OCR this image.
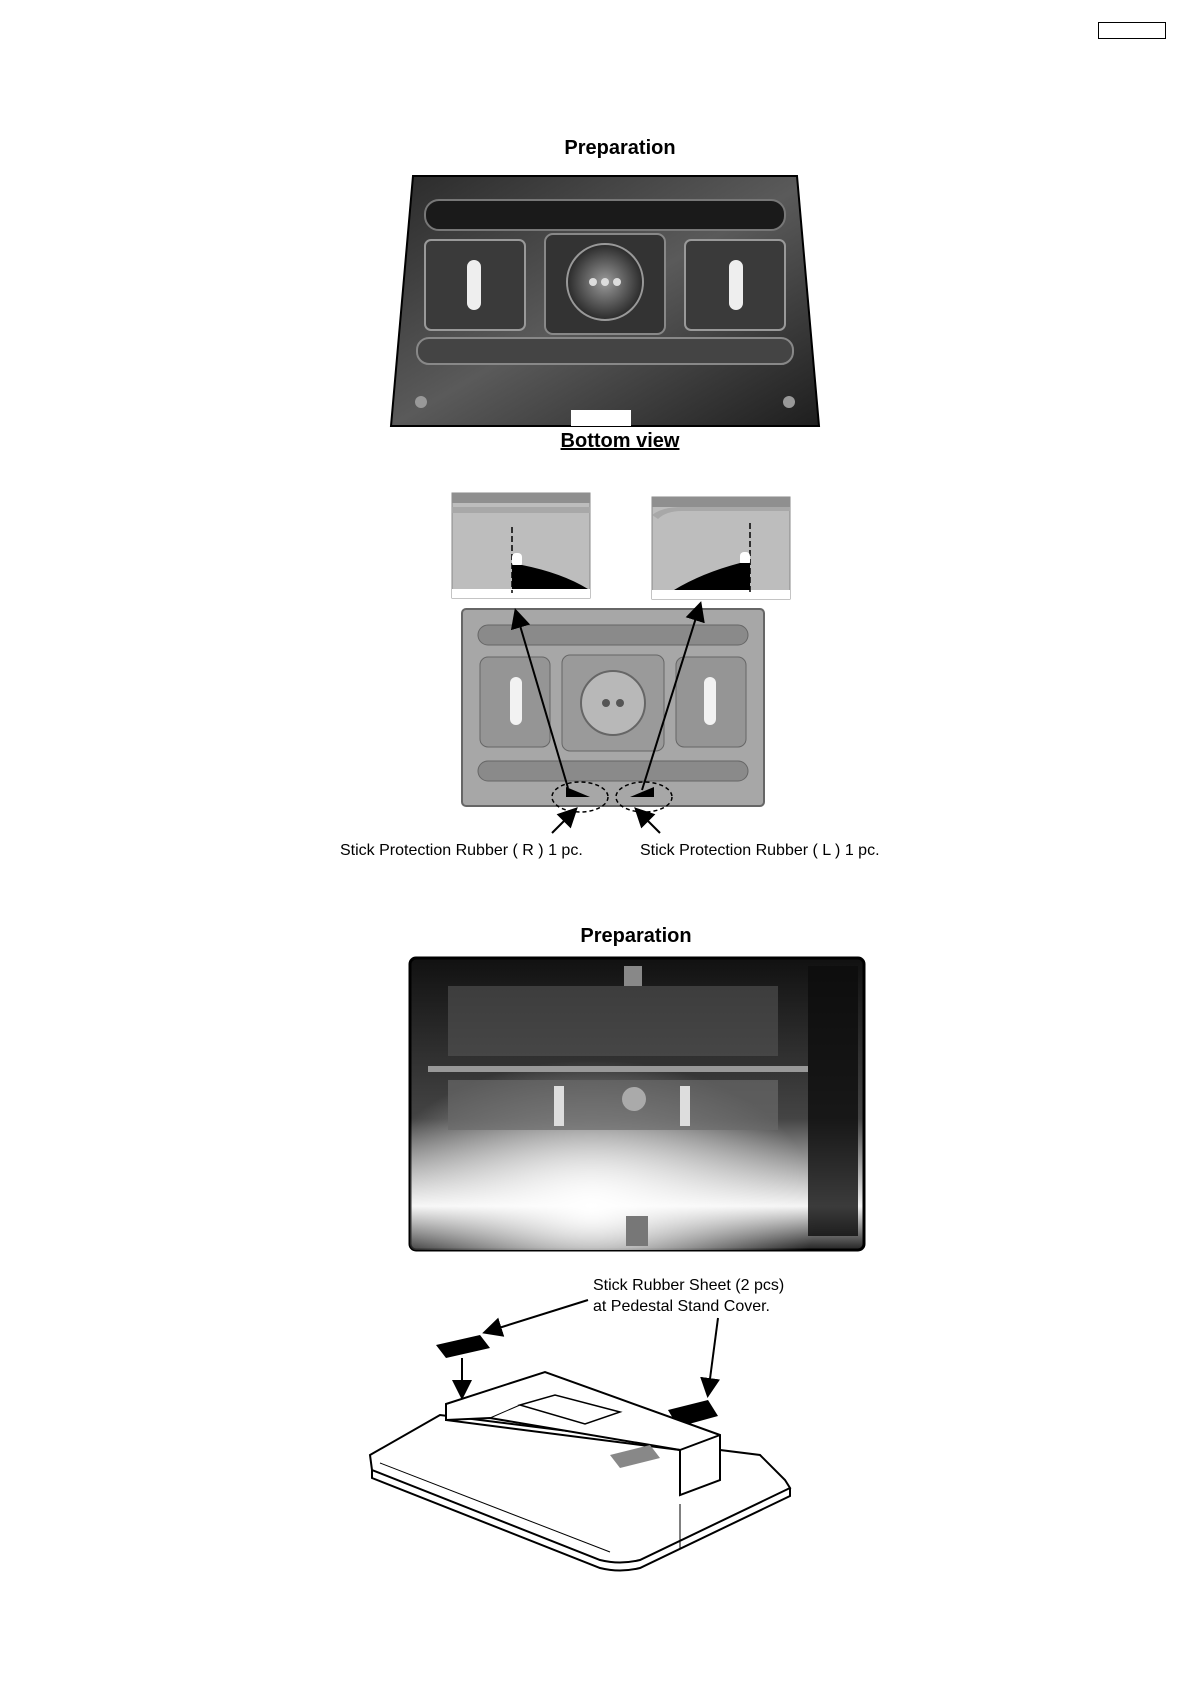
Preparation
Bottom view
Stick Protection Rubber ( R ) 1 pc.	Stick Protection Rubber ( L ) 1 pc.
Preparation
Stick Rubber Sheet (2 pcs)
at Pedestal Stand Cover.
